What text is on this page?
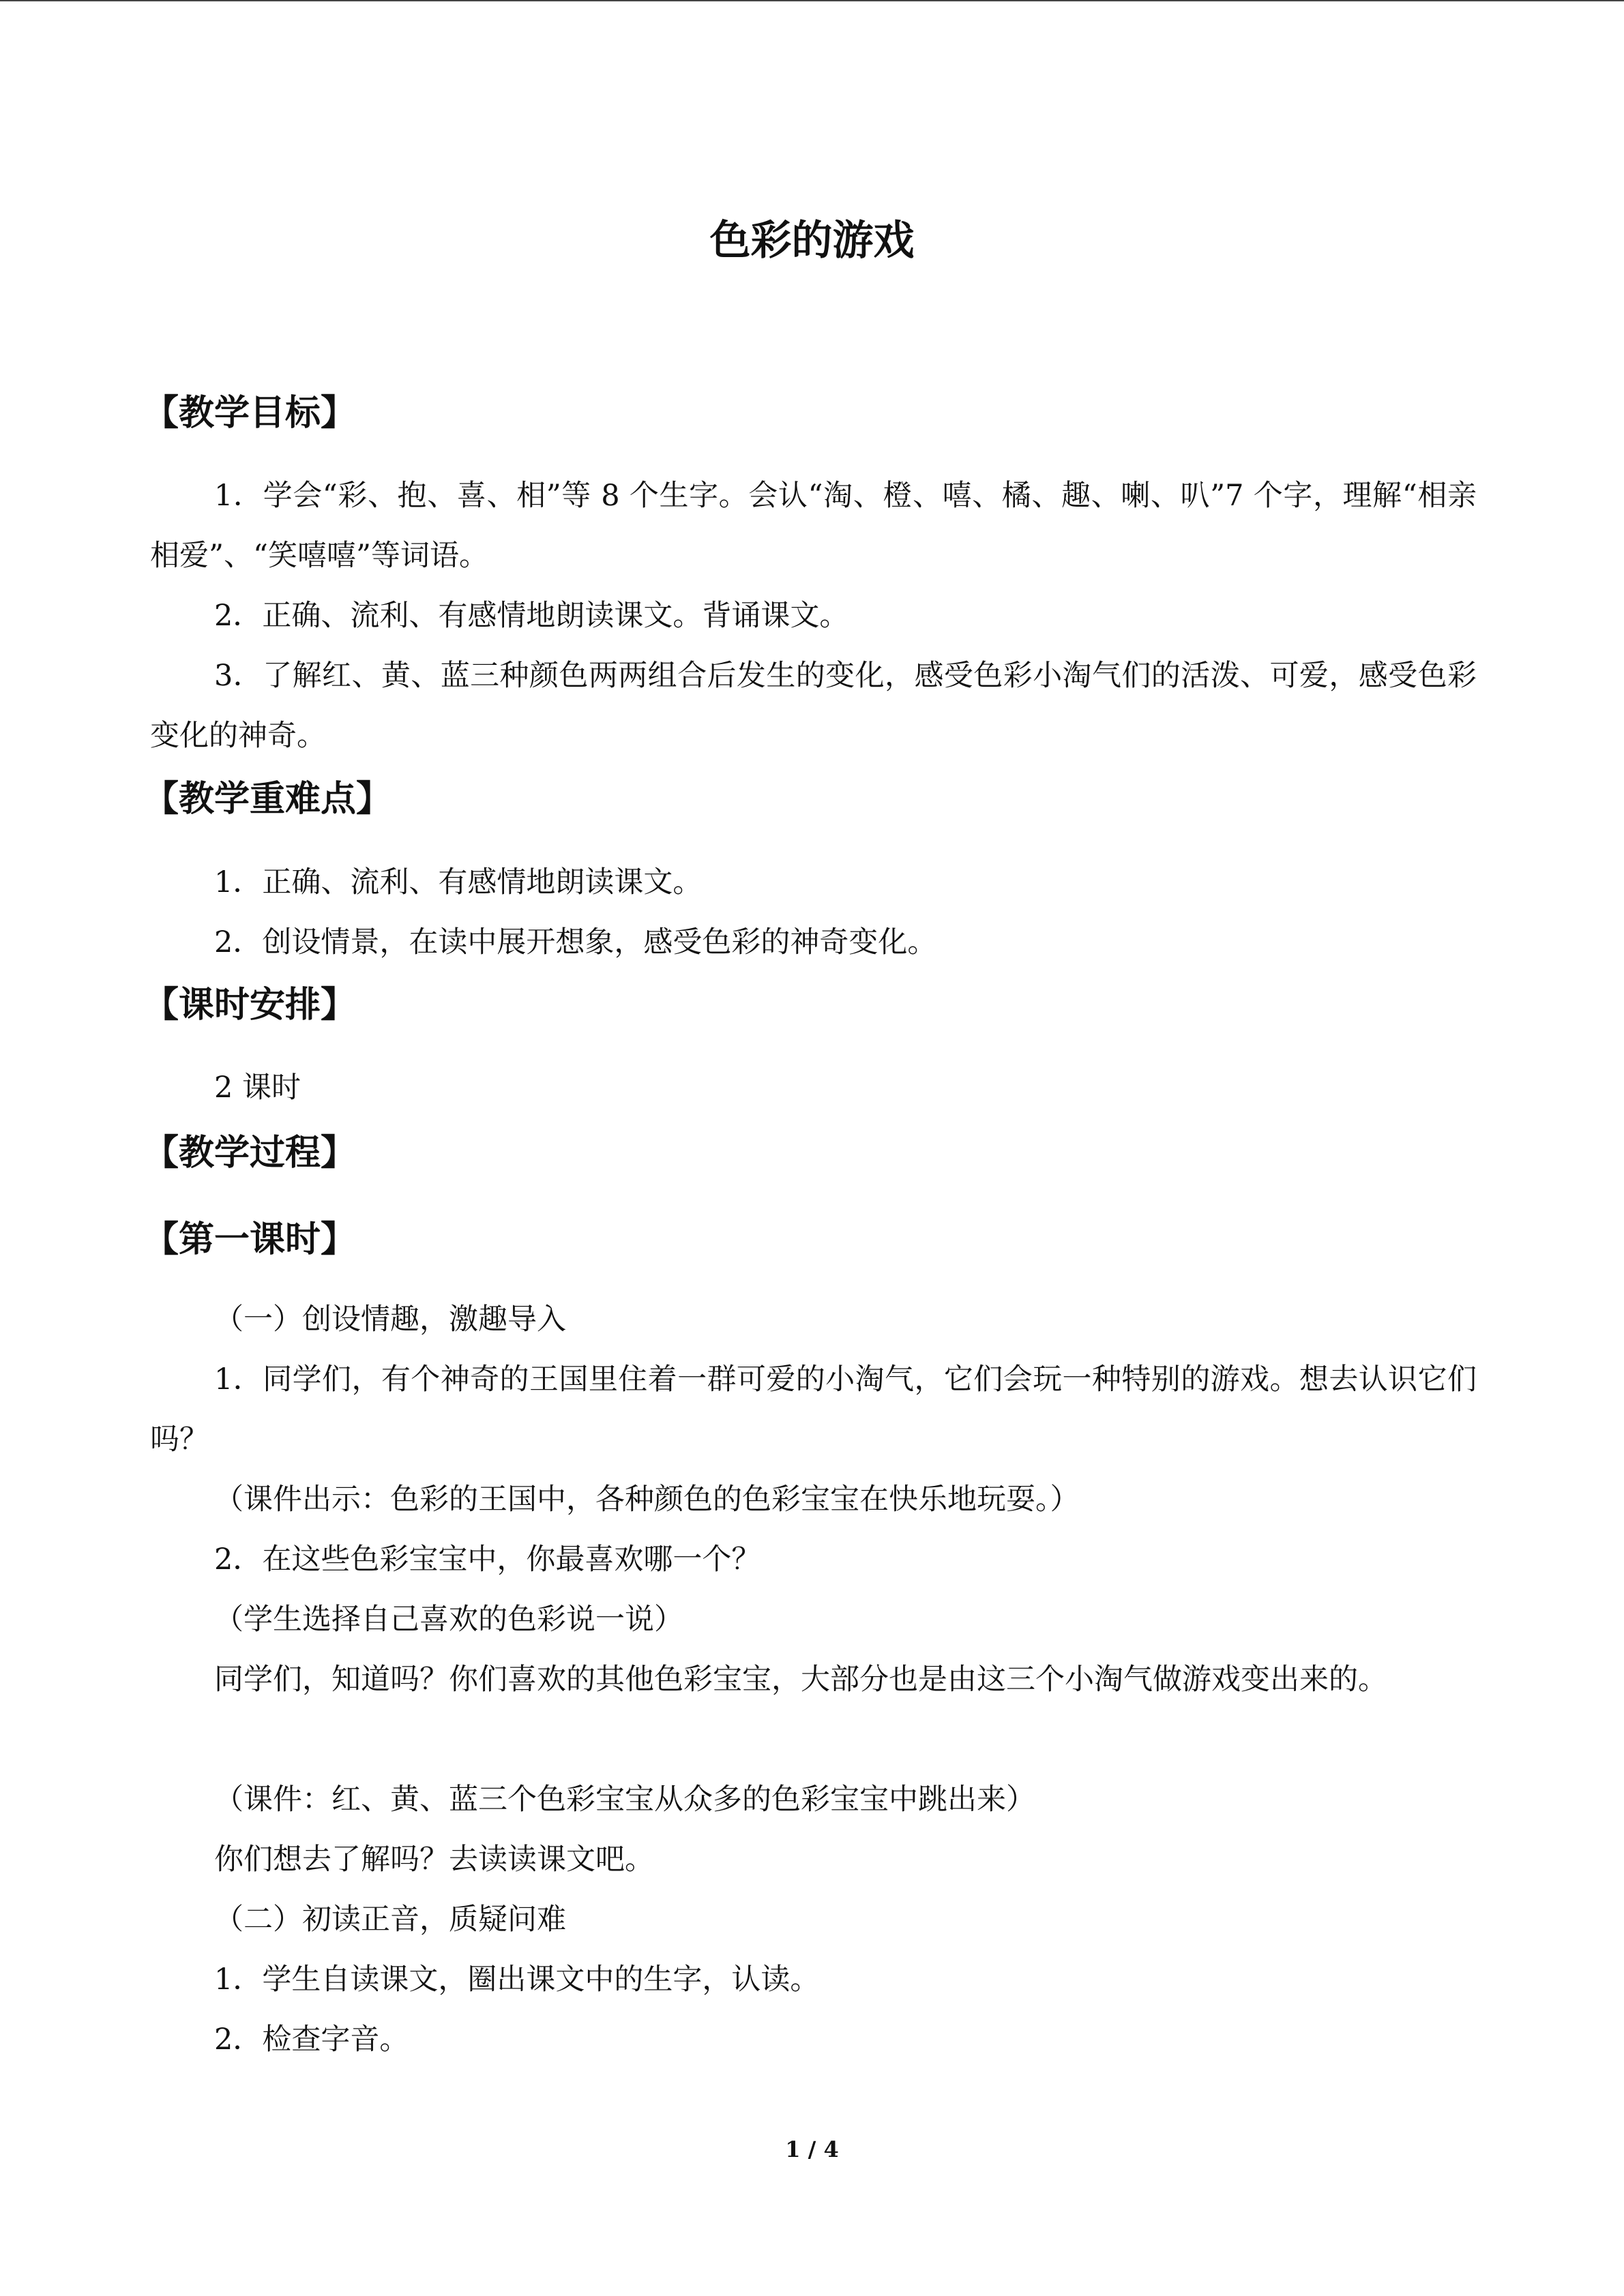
色彩的游戏
【教学目标】

1．学会“彩、抱、喜、相”等 8 个生字。会认“淘、橙、嘻、橘、趣、喇、叭”7 个字，理解“相亲相爱”、“笑嘻嘻”等词语。

2．正确、流利、有感情地朗读课文。背诵课文。

3．了解红、黄、蓝三种颜色两两组合后发生的变化，感受色彩小淘气们的活泼、可爱，感受色彩变化的神奇。

【教学重难点】

1．正确、流利、有感情地朗读课文。

2．创设情景，在读中展开想象，感受色彩的神奇变化。

【课时安排】

2 课时

【教学过程】
【第一课时】

（一）创设情趣，激趣导入

1．同学们，有个神奇的王国里住着一群可爱的小淘气，它们会玩一种特别的游戏。想去认识它们吗？

（课件出示：色彩的王国中，各种颜色的色彩宝宝在快乐地玩耍。）

2．在这些色彩宝宝中，你最喜欢哪一个？

（学生选择自己喜欢的色彩说一说）

同学们，知道吗？你们喜欢的其他色彩宝宝，大部分也是由这三个小淘气做游戏变出来的。

（课件：红、黄、蓝三个色彩宝宝从众多的色彩宝宝中跳出来）

你们想去了解吗？去读读课文吧。

（二）初读正音，质疑问难

1．学生自读课文，圈出课文中的生字，认读。

2．检查字音。

1 / 4
